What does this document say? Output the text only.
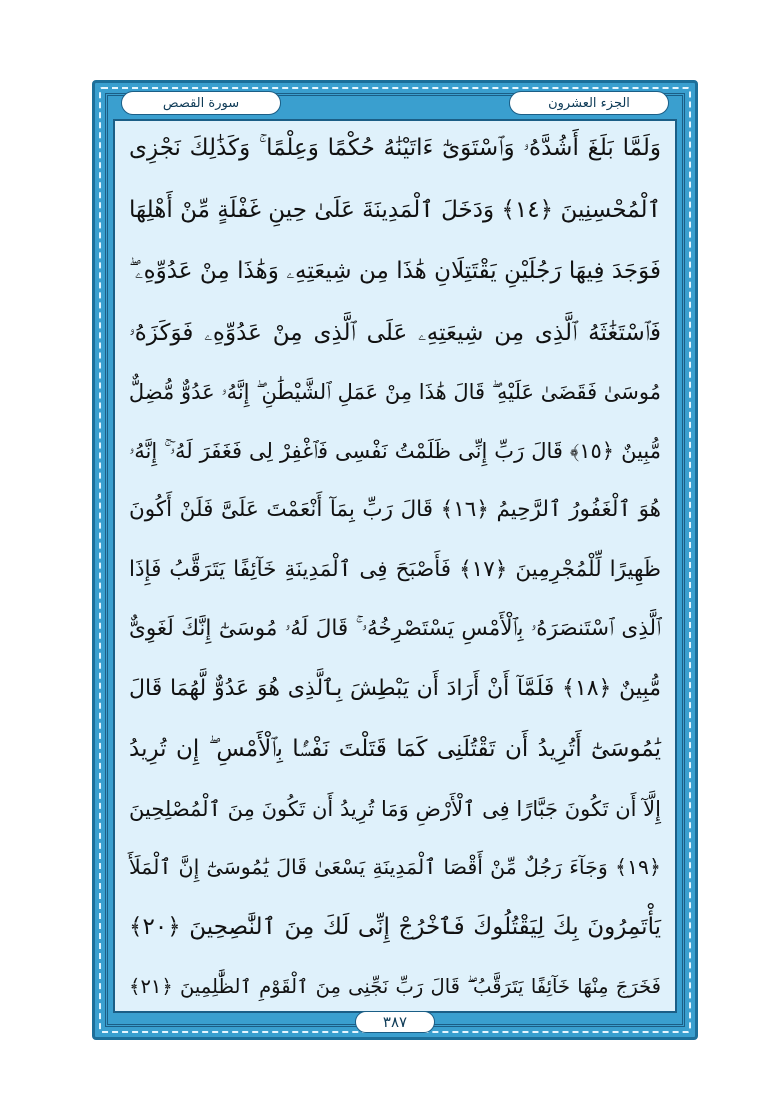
الجزء العشرون
سورة القصص
وَلَمَّا بَلَغَ أَشُدَّهُۥ وَٱسْتَوَىٰٓ ءَاتَيْنَٰهُ حُكْمًا وَعِلْمًا ۚ وَكَذَٰلِكَ نَجْزِى
ٱلْمُحْسِنِينَ ﴿١٤﴾ وَدَخَلَ ٱلْمَدِينَةَ عَلَىٰ حِينِ غَفْلَةٍ مِّنْ أَهْلِهَا
فَوَجَدَ فِيهَا رَجُلَيْنِ يَقْتَتِلَانِ هَٰذَا مِن شِيعَتِهِۦ وَهَٰذَا مِنْ عَدُوِّهِۦ ۖ
فَٱسْتَغَٰثَهُ ٱلَّذِى مِن شِيعَتِهِۦ عَلَى ٱلَّذِى مِنْ عَدُوِّهِۦ فَوَكَزَهُۥ
مُوسَىٰ فَقَضَىٰ عَلَيْهِ ۖ قَالَ هَٰذَا مِنْ عَمَلِ ٱلشَّيْطَٰنِ ۖ إِنَّهُۥ عَدُوٌّ مُّضِلٌّ
مُّبِينٌ ﴿١٥﴾ قَالَ رَبِّ إِنِّى ظَلَمْتُ نَفْسِى فَٱغْفِرْ لِى فَغَفَرَ لَهُۥٓ ۚ إِنَّهُۥ
هُوَ ٱلْغَفُورُ ٱلرَّحِيمُ ﴿١٦﴾ قَالَ رَبِّ بِمَآ أَنْعَمْتَ عَلَىَّ فَلَنْ أَكُونَ
ظَهِيرًا لِّلْمُجْرِمِينَ ﴿١٧﴾ فَأَصْبَحَ فِى ٱلْمَدِينَةِ خَآئِفًا يَتَرَقَّبُ فَإِذَا
ٱلَّذِى ٱسْتَنصَرَهُۥ بِٱلْأَمْسِ يَسْتَصْرِخُهُۥ ۚ قَالَ لَهُۥ مُوسَىٰٓ إِنَّكَ لَغَوِىٌّ
مُّبِينٌ ﴿١٨﴾ فَلَمَّآ أَنْ أَرَادَ أَن يَبْطِشَ بِٱلَّذِى هُوَ عَدُوٌّ لَّهُمَا قَالَ
يَٰمُوسَىٰٓ أَتُرِيدُ أَن تَقْتُلَنِى كَمَا قَتَلْتَ نَفْسًۢا بِٱلْأَمْسِ ۖ إِن تُرِيدُ
إِلَّآ أَن تَكُونَ جَبَّارًا فِى ٱلْأَرْضِ وَمَا تُرِيدُ أَن تَكُونَ مِنَ ٱلْمُصْلِحِينَ
﴿١٩﴾ وَجَآءَ رَجُلٌ مِّنْ أَقْصَا ٱلْمَدِينَةِ يَسْعَىٰ قَالَ يَٰمُوسَىٰٓ إِنَّ ٱلْمَلَأَ
يَأْتَمِرُونَ بِكَ لِيَقْتُلُوكَ فَٱخْرُجْ إِنِّى لَكَ مِنَ ٱلنَّٰصِحِينَ ﴿٢٠﴾
فَخَرَجَ مِنْهَا خَآئِفًا يَتَرَقَّبُ ۖ قَالَ رَبِّ نَجِّنِى مِنَ ٱلْقَوْمِ ٱلظَّٰلِمِينَ ﴿٢١﴾
٣٨٧
